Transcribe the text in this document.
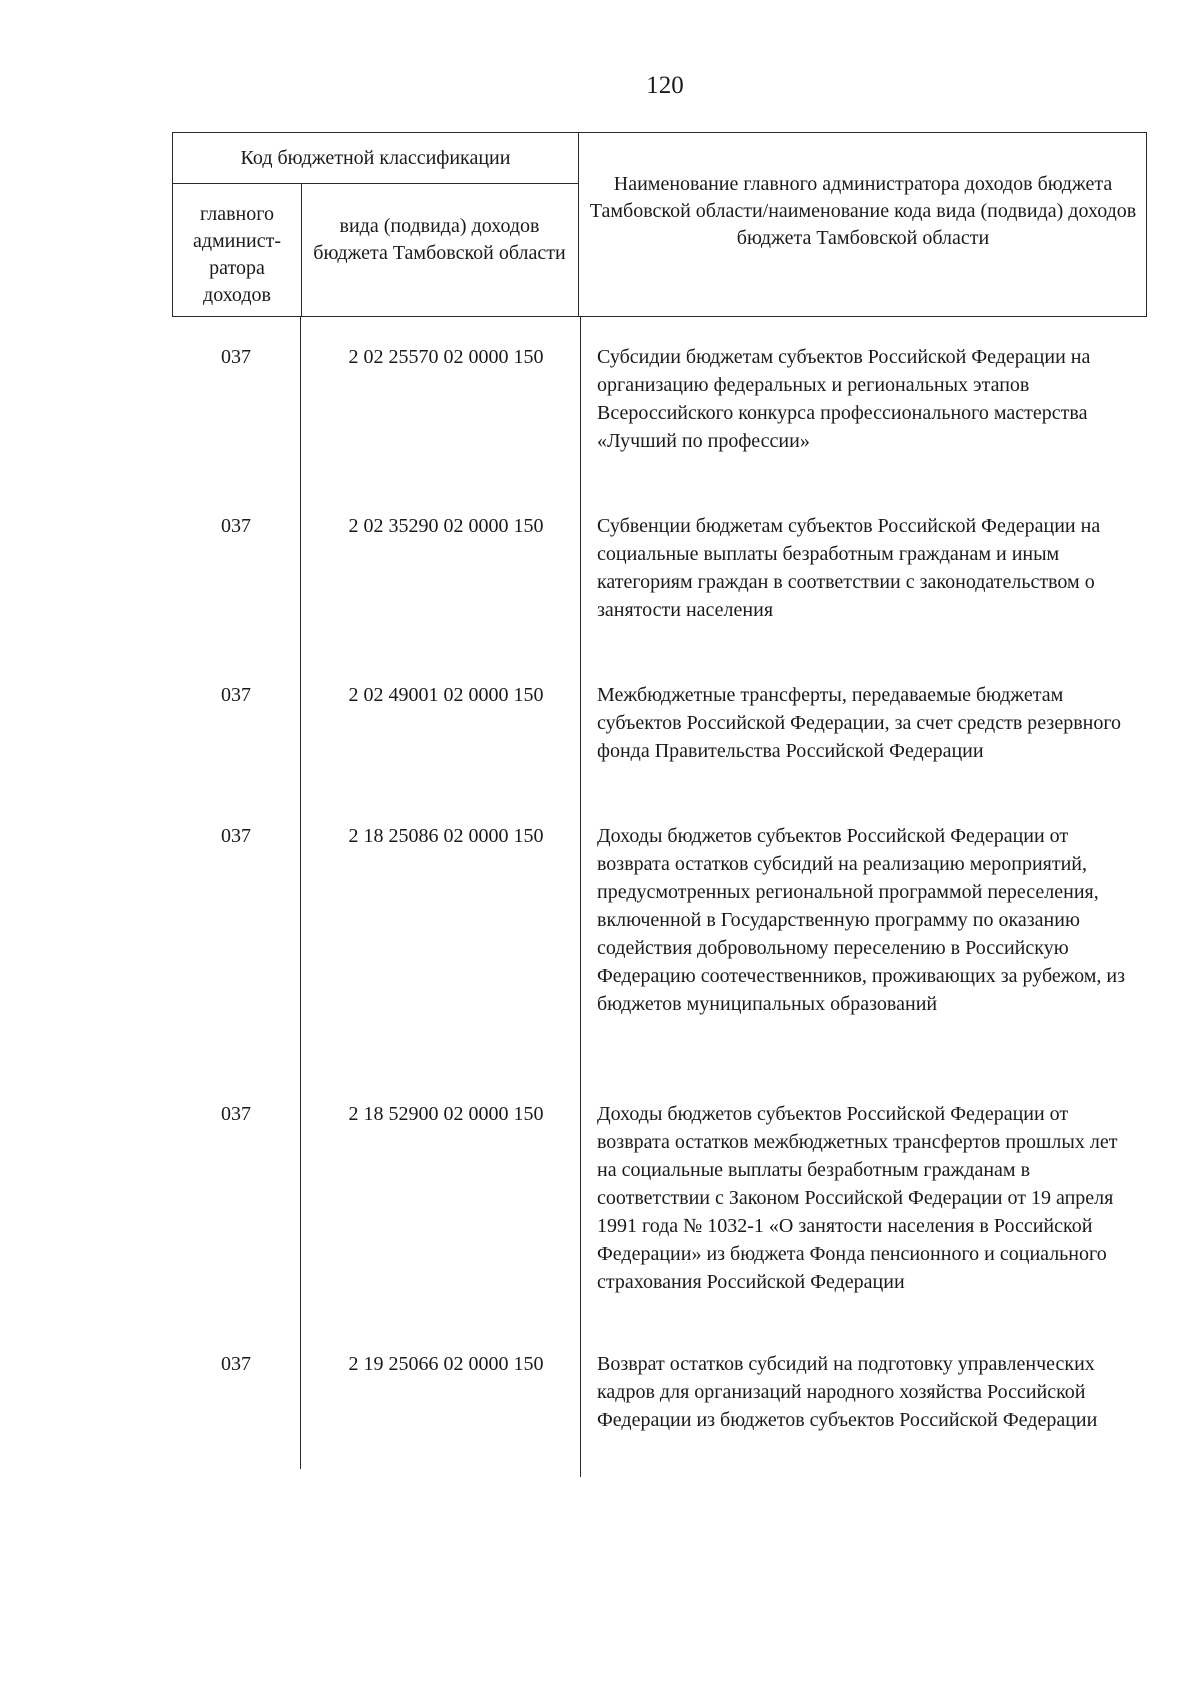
120
Код бюджетной классификации
главного админист-ратора доходов
вида (подвида) доходов бюджета Тамбовской области
Наименование главного администратора доходов бюджета Тамбовской области/наименование кода вида (подвида) доходов бюджета Тамбовской области
037	2 02 25570 02 0000 150	Субсидии бюджетам субъектов Российской Федерации на организацию федеральных и региональных этапов Всероссийского конкурса профессионального мастерства «Лучший по профессии»
037	2 02 35290 02 0000 150	Субвенции бюджетам субъектов Российской Федерации на социальные выплаты безработным гражданам и иным категориям граждан в соответствии с законодательством о занятости населения
037	2 02 49001 02 0000 150	Межбюджетные трансферты, передаваемые бюджетам субъектов Российской Федерации, за счет средств резервного фонда Правительства Российской Федерации
037	2 18 25086 02 0000 150	Доходы бюджетов субъектов Российской Федерации от возврата остатков субсидий на реализацию мероприятий, предусмотренных региональной программой переселения, включенной в Государственную программу по оказанию содействия добровольному переселению в Российскую Федерацию соотечественников, проживающих за рубежом, из бюджетов муниципальных образований
037	2 18 52900 02 0000 150	Доходы бюджетов субъектов Российской Федерации от возврата остатков межбюджетных трансфертов прошлых лет на социальные выплаты безработным гражданам в соответствии с Законом Российской Федерации от 19 апреля 1991 года № 1032-1 «О занятости населения в Российской Федерации» из бюджета Фонда пенсионного и социального страхования Российской Федерации
037	2 19 25066 02 0000 150	Возврат остатков субсидий на подготовку управленческих кадров для организаций народного хозяйства Российской Федерации из бюджетов субъектов Российской Федерации
